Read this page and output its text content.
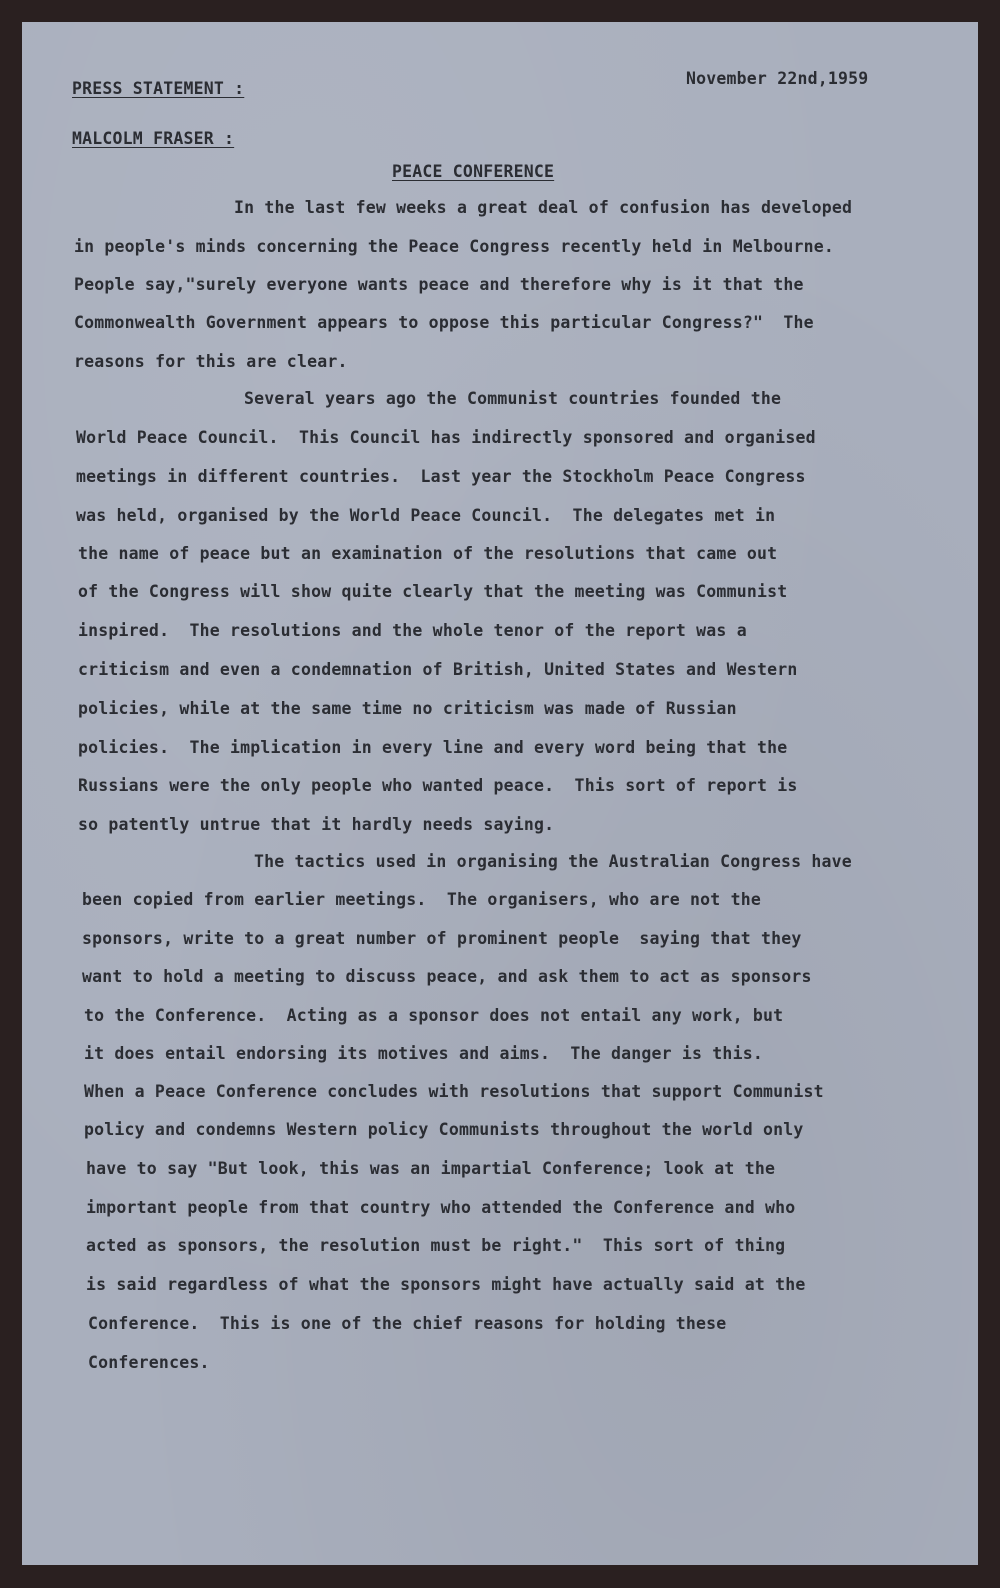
PRESS STATEMENT :
November 22nd,1959
MALCOLM FRASER :
PEACE CONFERENCE
In the last few weeks a great deal of confusion has developed
in people's minds concerning the Peace Congress recently held in Melbourne.
People say,"surely everyone wants peace and therefore why is it that the
Commonwealth Government appears to oppose this particular Congress?"  The
reasons for this are clear.
Several years ago the Communist countries founded the
World Peace Council.  This Council has indirectly sponsored and organised
meetings in different countries.  Last year the Stockholm Peace Congress
was held, organised by the World Peace Council.  The delegates met in
the name of peace but an examination of the resolutions that came out
of the Congress will show quite clearly that the meeting was Communist
inspired.  The resolutions and the whole tenor of the report was a
criticism and even a condemnation of British, United States and Western
policies, while at the same time no criticism was made of Russian
policies.  The implication in every line and every word being that the
Russians were the only people who wanted peace.  This sort of report is
so patently untrue that it hardly needs saying.
The tactics used in organising the Australian Congress have
been copied from earlier meetings.  The organisers, who are not the
sponsors, write to a great number of prominent people  saying that they
want to hold a meeting to discuss peace, and ask them to act as sponsors
to the Conference.  Acting as a sponsor does not entail any work, but
it does entail endorsing its motives and aims.  The danger is this.
When a Peace Conference concludes with resolutions that support Communist
policy and condemns Western policy Communists throughout the world only
have to say "But look, this was an impartial Conference; look at the
important people from that country who attended the Conference and who
acted as sponsors, the resolution must be right."  This sort of thing
is said regardless of what the sponsors might have actually said at the
Conference.  This is one of the chief reasons for holding these
Conferences.
